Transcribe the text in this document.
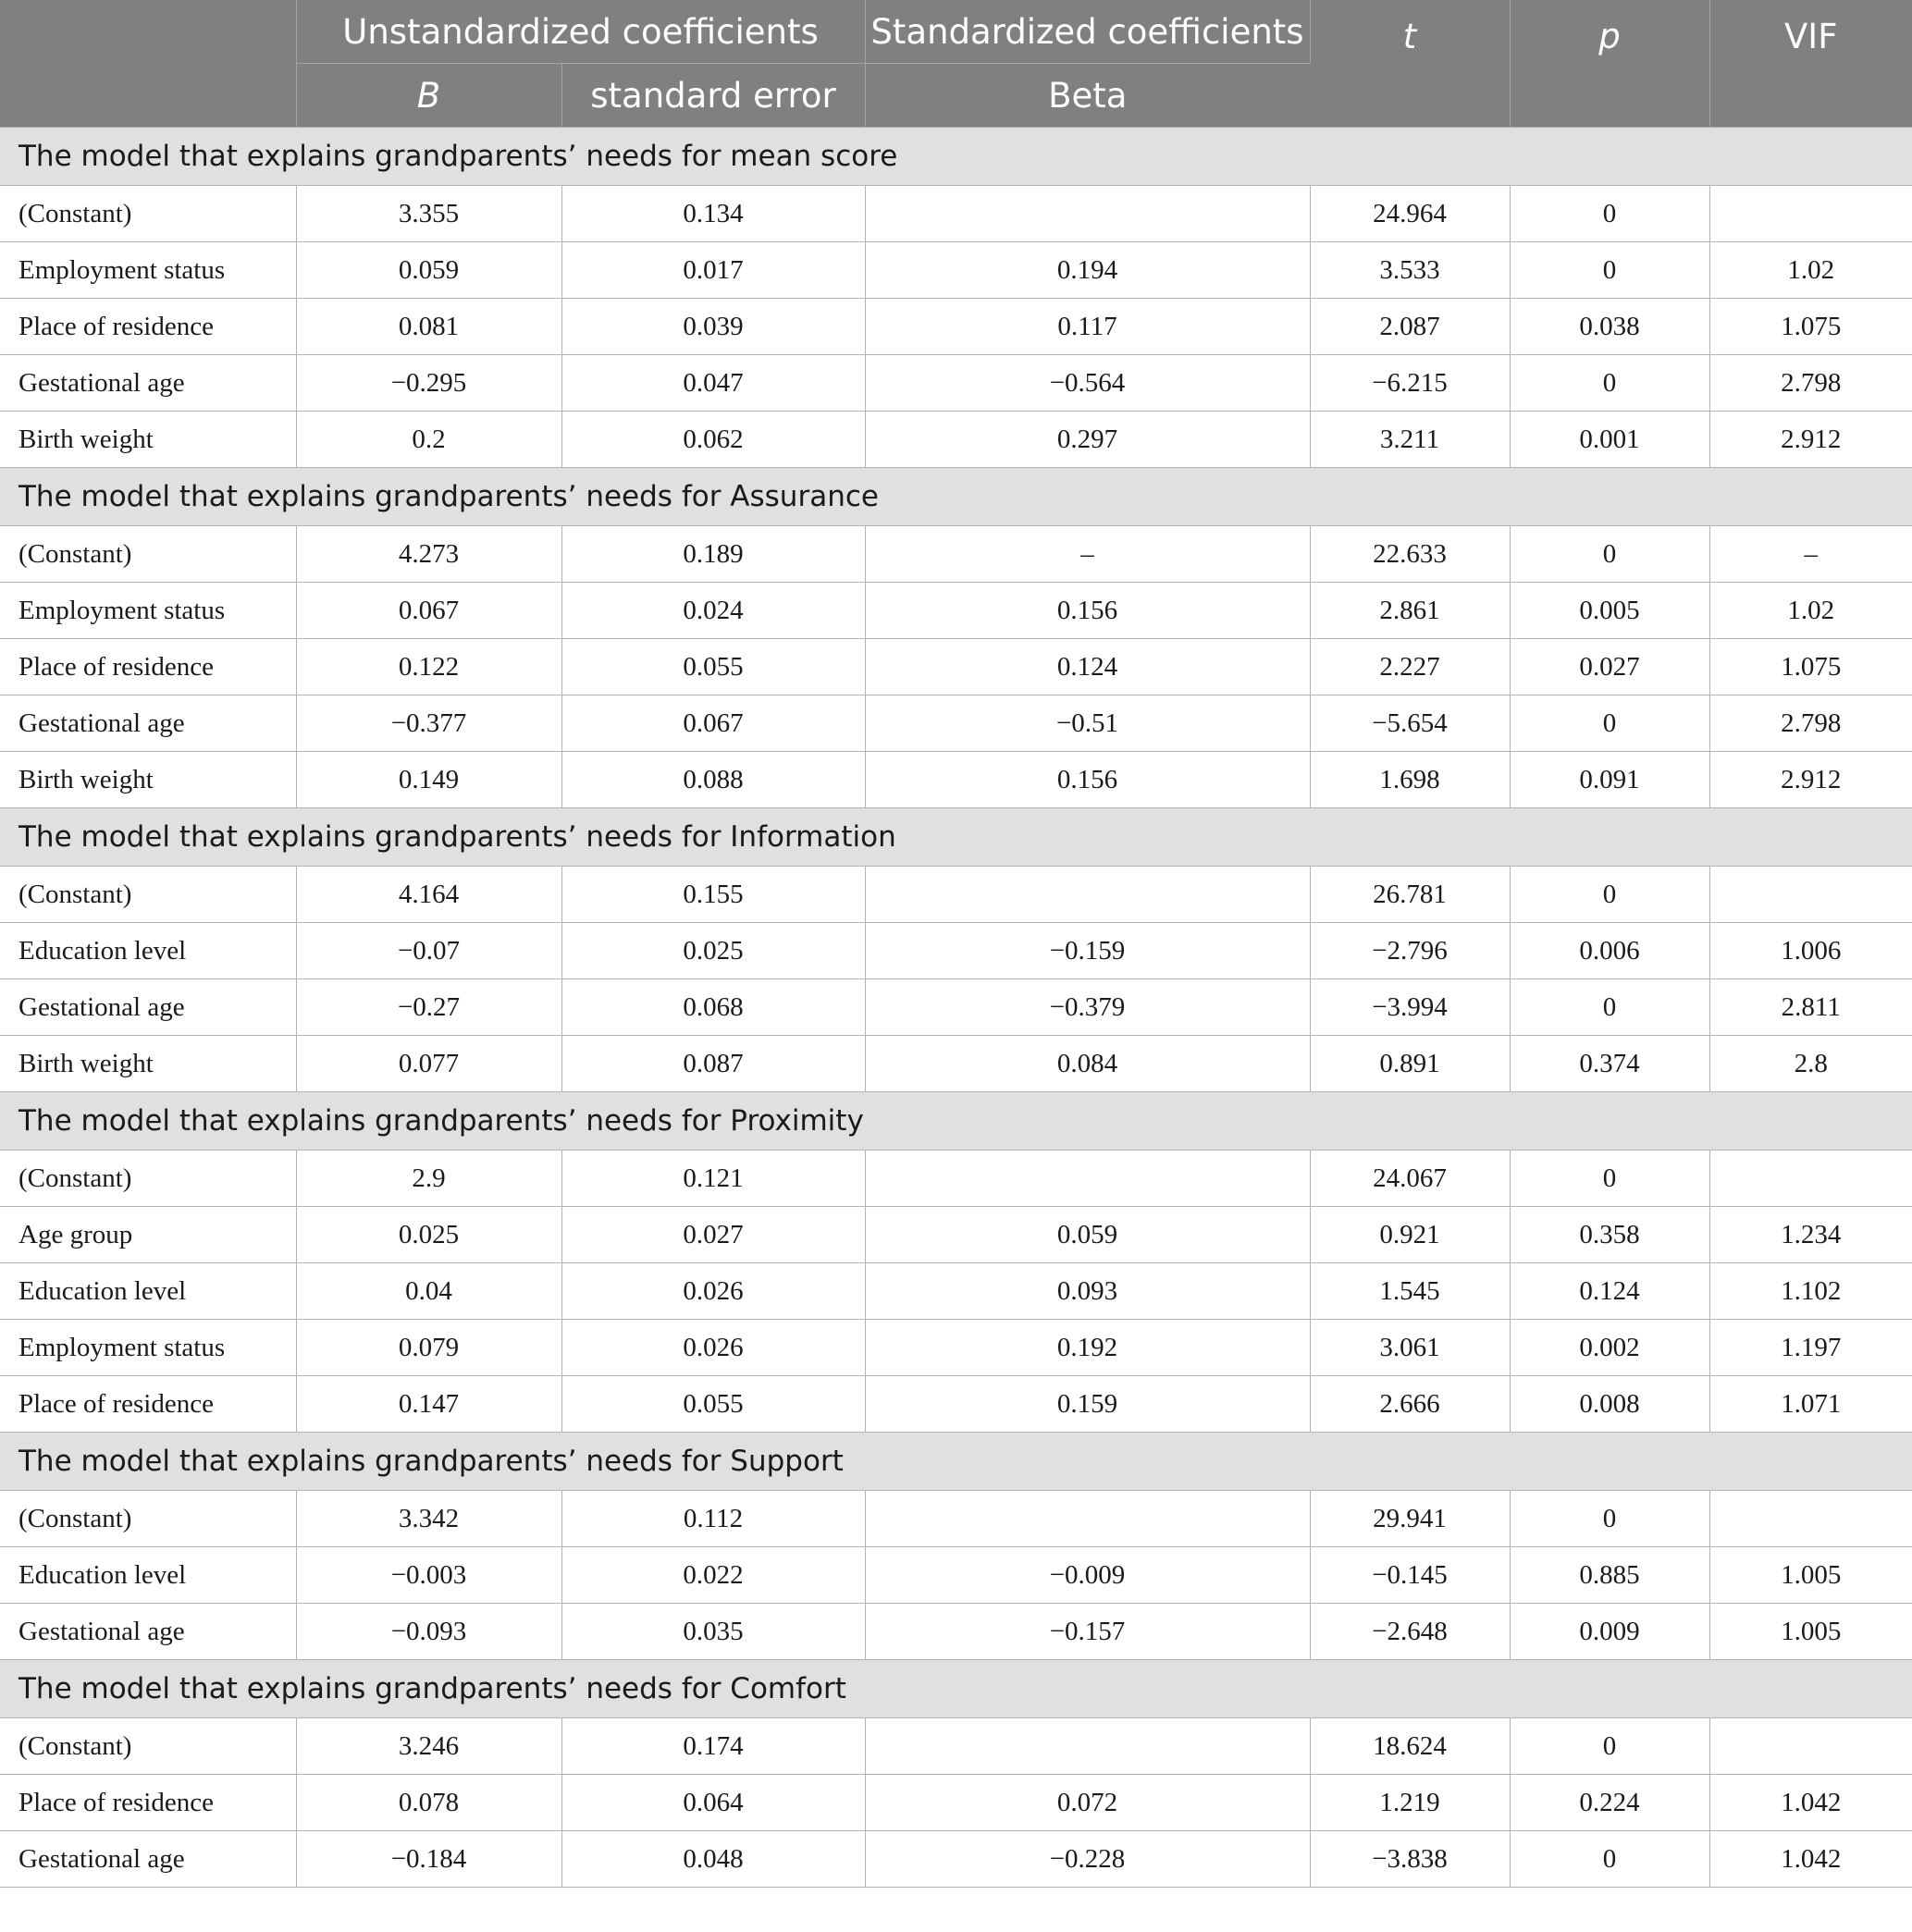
	Unstandardized coefficients		Standardized coefficients	t	p	VIF
	B	standard error	Beta			
The model that explains grandparents’ needs for mean score						
(Constant)	3.355	0.134		24.964	0	
Employment status	0.059	0.017	0.194	3.533	0	1.02
Place of residence	0.081	0.039	0.117	2.087	0.038	1.075
Gestational age	−0.295	0.047	−0.564	−6.215	0	2.798
Birth weight	0.2	0.062	0.297	3.211	0.001	2.912
The model that explains grandparents’ needs for Assurance						
(Constant)	4.273	0.189	–	22.633	0	–
Employment status	0.067	0.024	0.156	2.861	0.005	1.02
Place of residence	0.122	0.055	0.124	2.227	0.027	1.075
Gestational age	−0.377	0.067	−0.51	−5.654	0	2.798
Birth weight	0.149	0.088	0.156	1.698	0.091	2.912
The model that explains grandparents’ needs for Information						
(Constant)	4.164	0.155		26.781	0	
Education level	−0.07	0.025	−0.159	−2.796	0.006	1.006
Gestational age	−0.27	0.068	−0.379	−3.994	0	2.811
Birth weight	0.077	0.087	0.084	0.891	0.374	2.8
The model that explains grandparents’ needs for Proximity						
(Constant)	2.9	0.121		24.067	0	
Age group	0.025	0.027	0.059	0.921	0.358	1.234
Education level	0.04	0.026	0.093	1.545	0.124	1.102
Employment status	0.079	0.026	0.192	3.061	0.002	1.197
Place of residence	0.147	0.055	0.159	2.666	0.008	1.071
The model that explains grandparents’ needs for Support						
(Constant)	3.342	0.112		29.941	0	
Education level	−0.003	0.022	−0.009	−0.145	0.885	1.005
Gestational age	−0.093	0.035	−0.157	−2.648	0.009	1.005
The model that explains grandparents’ needs for Comfort						
(Constant)	3.246	0.174		18.624	0	
Place of residence	0.078	0.064	0.072	1.219	0.224	1.042
Gestational age	−0.184	0.048	−0.228	−3.838	0	1.042
